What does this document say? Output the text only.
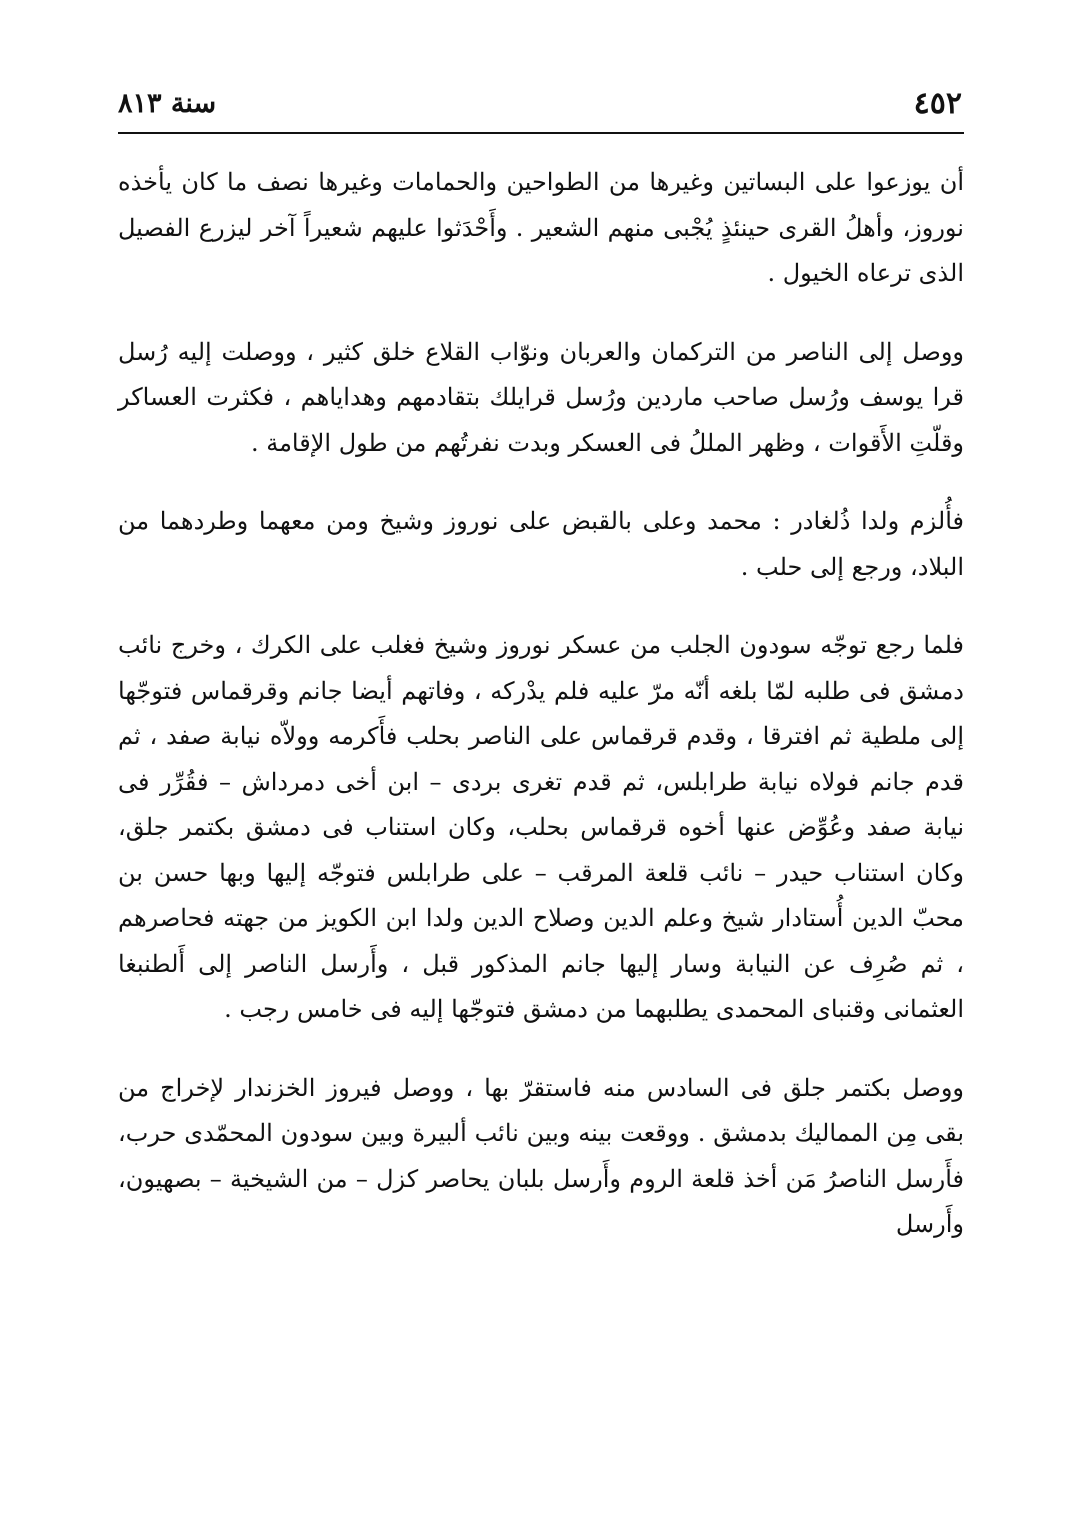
٤٥٢
سنة ٨١٣

أن يوزعوا على البساتين وغيرها من الطواحين والحمامات وغيرها نصف ما كان يأخذه نوروز، وأهلُ القرى حينئذٍ يُجْبى منهم الشعير . وأَحْدَثوا عليهم شعيراً آخر ليزرع الفصيل الذى ترعاه الخيول .

ووصل إلى الناصر من التركمان والعربان ونوّاب القلاع خلق كثير ، ووصلت إليه رُسل قرا يوسف ورُسل صاحب ماردين ورُسل قرايلك بتقادمهم وهداياهم ، فكثرت العساكر وقلّتِ الأَقوات ، وظهر المللُ فى العسكر وبدت نفرتُهم من طول الإقامة .

فأُلزم ولدا ذُلغادر : محمد وعلى بالقبض على نوروز وشيخ ومن معهما وطردهما من البلاد، ورجع إلى حلب .

فلما رجع توجّه سودون الجلب من عسكر نوروز وشيخ فغلب على الكرك ، وخرج نائب دمشق فى طلبه لمّا بلغه أنّه مرّ عليه فلم يدْركه ، وفاتهم أيضا جانم وقرقماس فتوجّها إلى ملطية ثم افترقا ، وقدم قرقماس على الناصر بحلب فأَكرمه وولاّه نيابة صفد ، ثم قدم جانم فولاه نيابة طرابلس، ثم قدم تغرى بردى – ابن أخى دمرداش – فقُرِّر فى نيابة صفد وعُوِّض عنها أخوه قرقماس بحلب، وكان استناب فى دمشق بكتمر جلق، وكان استناب حيدر – نائب قلعة المرقب – على طرابلس فتوجّه إليها وبها حسن بن محبّ الدين أُستادار شيخ وعلم الدين وصلاح الدين ولدا ابن الكويز من جهته فحاصرهم ، ثم صُرِف عن النيابة وسار إليها جانم المذكور قبل ، وأَرسل الناصر إلى أَلطنبغا العثمانى وقنباى المحمدى يطلبهما من دمشق فتوجّها إليه فى خامس رجب .

ووصل بكتمر جلق فى السادس منه فاستقرّ بها ، ووصل فيروز الخزندار لإخراج من بقى مِن المماليك بدمشق . ووقعت بينه وبين نائب ألبيرة وبين سودون المحمّدى حرب، فأَرسل الناصرُ مَن أخذ قلعة الروم وأَرسل بلبان يحاصر كزل – من الشيخية – بصهيون، وأَرسل
